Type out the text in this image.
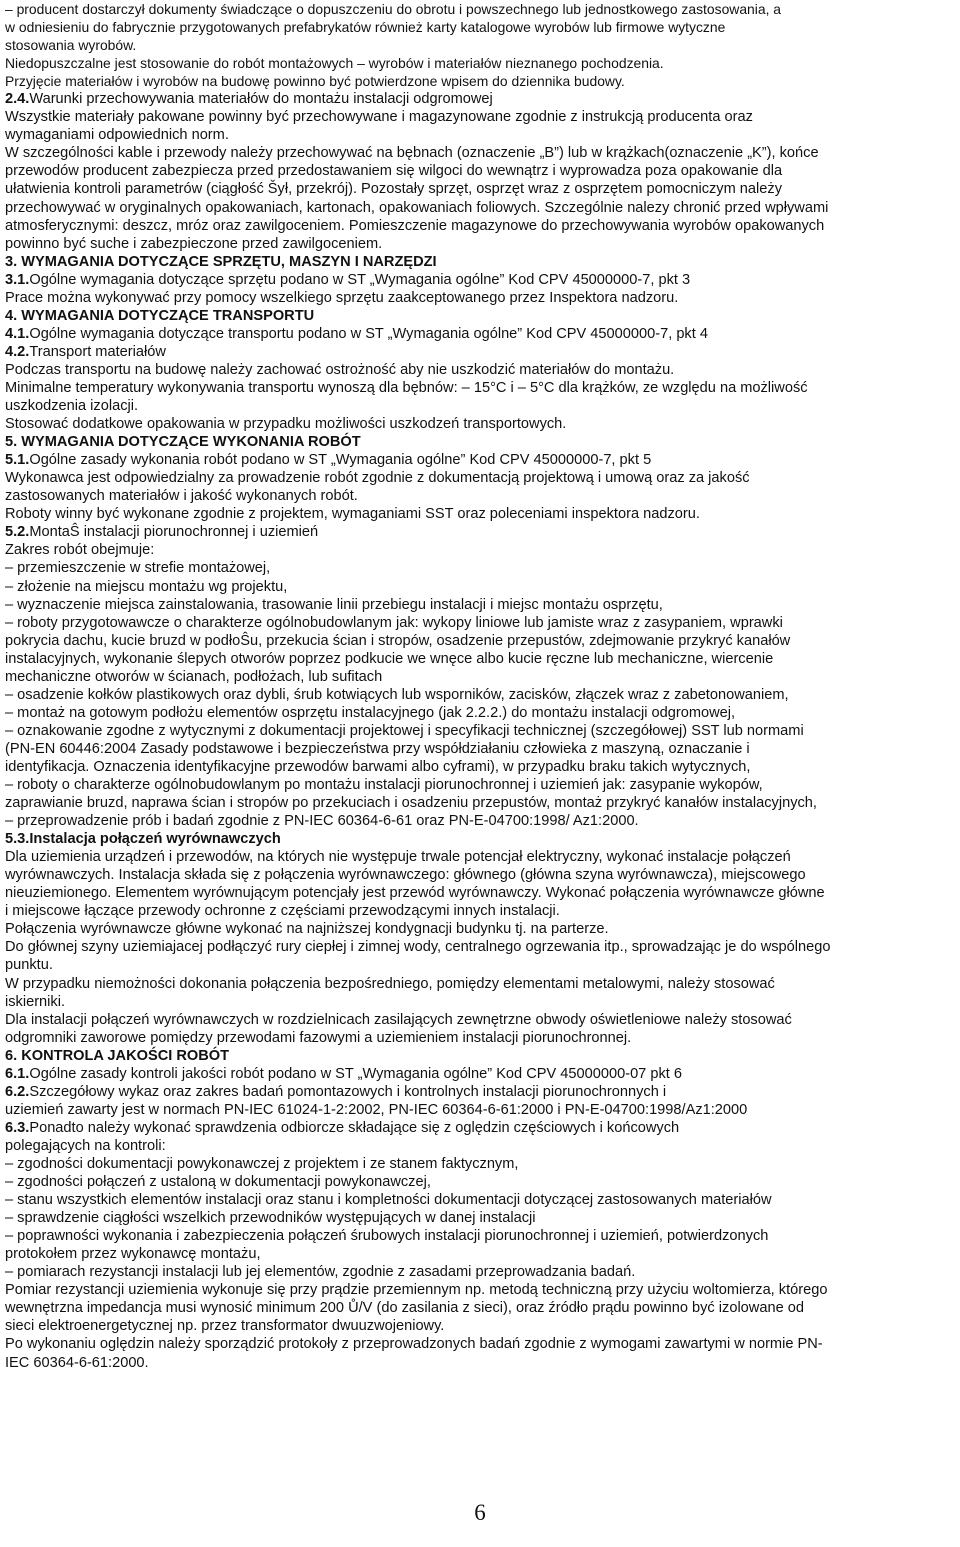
– producent dostarczył dokumenty świadczące o dopuszczeniu do obrotu i powszechnego lub jednostkowego zastosowania, a

w odniesieniu do fabrycznie przygotowanych prefabrykatów również karty katalogowe wyrobów lub firmowe wytyczne

stosowania wyrobów.

Niedopuszczalne jest stosowanie do robót montażowych – wyrobów i materiałów nieznanego pochodzenia.

Przyjęcie materiałów i wyrobów na budowę powinno być potwierdzone wpisem do dziennika budowy.

2.4.Warunki przechowywania materiałów do montażu instalacji odgromowej

Wszystkie materiały pakowane powinny być przechowywane i magazynowane zgodnie z instrukcją producenta oraz

wymaganiami odpowiednich norm.

W szczególności kable i przewody należy przechowywać na bębnach (oznaczenie „B”) lub w krążkach(oznaczenie „K”), końce

przewodów producent zabezpiecza przed przedostawaniem się wilgoci do wewnątrz i wyprowadza poza opakowanie dla

ułatwienia kontroli parametrów (ciągłość Šył, przekrój). Pozostały sprzęt, osprzęt wraz z osprzętem pomocniczym należy

przechowywać w oryginalnych opakowaniach, kartonach, opakowaniach foliowych. Szczególnie nalezy chronić przed wpływami

atmosferycznymi: deszcz, mróz oraz zawilgoceniem. Pomieszczenie magazynowe do przechowywania wyrobów opakowanych

powinno być suche i zabezpieczone przed zawilgoceniem.

3. WYMAGANIA DOTYCZĄCE SPRZĘTU, MASZYN I NARZĘDZI

3.1.Ogólne wymagania dotyczące sprzętu podano w ST „Wymagania ogólne” Kod CPV 45000000-7, pkt 3

Prace można wykonywać przy pomocy wszelkiego sprzętu zaakceptowanego przez Inspektora nadzoru.

4. WYMAGANIA DOTYCZĄCE TRANSPORTU

4.1.Ogólne wymagania dotyczące transportu podano w ST „Wymagania ogólne” Kod CPV 45000000-7, pkt 4

4.2.Transport materiałów

Podczas transportu na budowę należy zachować ostrożność aby nie uszkodzić materiałów do montażu.

Minimalne temperatury wykonywania transportu wynoszą dla bębnów: – 15°C i – 5°C dla krążków, ze względu na możliwość

uszkodzenia izolacji.

Stosować dodatkowe opakowania w przypadku możliwości uszkodzeń transportowych.

5. WYMAGANIA DOTYCZĄCE WYKONANIA ROBÓT

5.1.Ogólne zasady wykonania robót podano w ST „Wymagania ogólne” Kod CPV 45000000-7, pkt 5

Wykonawca jest odpowiedzialny za prowadzenie robót zgodnie z dokumentacją projektową i umową oraz za jakość

zastosowanych materiałów i jakość wykonanych robót.

Roboty winny być wykonane zgodnie z projektem, wymaganiami SST oraz poleceniami inspektora nadzoru.

5.2.MontaŜ instalacji piorunochronnej i uziemień

Zakres robót obejmuje:

– przemieszczenie w strefie montażowej,

– złożenie na miejscu montażu wg projektu,

– wyznaczenie miejsca zainstalowania, trasowanie linii przebiegu instalacji i miejsc montażu osprzętu,

– roboty przygotowawcze o charakterze ogólnobudowlanym jak: wykopy liniowe lub jamiste wraz z zasypaniem, wprawki

pokrycia dachu, kucie bruzd w podłoŜu, przekucia ścian i stropów, osadzenie przepustów, zdejmowanie przykryć kanałów

instalacyjnych, wykonanie ślepych otworów poprzez podkucie we wnęce albo kucie ręczne lub mechaniczne, wiercenie

mechaniczne otworów w ścianach, podłożach, lub sufitach

– osadzenie kołków plastikowych oraz dybli, śrub kotwiących lub wsporników, zacisków, złączek wraz z zabetonowaniem,

– montaż na gotowym podłożu elementów osprzętu instalacyjnego (jak 2.2.2.) do montażu instalacji odgromowej,

– oznakowanie zgodne z wytycznymi z dokumentacji projektowej i specyfikacji technicznej (szczegółowej) SST lub normami

(PN-EN 60446:2004 Zasady podstawowe i bezpieczeństwa przy współdziałaniu człowieka z maszyną, oznaczanie i

identyfikacja. Oznaczenia identyfikacyjne przewodów barwami albo cyframi), w przypadku braku takich wytycznych,

– roboty o charakterze ogólnobudowlanym po montażu instalacji piorunochronnej i uziemień jak: zasypanie wykopów,

zaprawianie bruzd, naprawa ścian i stropów po przekuciach i osadzeniu przepustów, montaż przykryć kanałów instalacyjnych,

– przeprowadzenie prób i badań zgodnie z PN-IEC 60364-6-61 oraz PN-E-04700:1998/ Az1:2000.

5.3.Instalacja połączeń wyrównawczych

Dla uziemienia urządzeń i przewodów, na których nie występuje trwale potencjał elektryczny, wykonać instalacje połączeń

wyrównawczych. Instalacja składa się z połączenia wyrównawczego: głównego (główna szyna wyrównawcza), miejscowego

nieuziemionego. Elementem wyrównującym potencjały jest przewód wyrównawczy. Wykonać połączenia wyrównawcze główne

i miejscowe łączące przewody ochronne z częściami przewodzącymi innych instalacji.

Połączenia wyrównawcze główne wykonać na najniższej kondygnacji budynku tj. na parterze.

Do głównej szyny uziemiajacej podłączyć rury ciepłej i zimnej wody, centralnego ogrzewania itp., sprowadzając je do wspólnego

punktu.

W przypadku niemożności dokonania połączenia bezpośredniego, pomiędzy elementami metalowymi, należy stosować

iskierniki.

Dla instalacji połączeń wyrównawczych w rozdzielnicach zasilających zewnętrzne obwody oświetleniowe należy stosować

odgromniki zaworowe pomiędzy przewodami fazowymi a uziemieniem instalacji piorunochronnej.

6. KONTROLA JAKOŚCI ROBÓT

6.1.Ogólne zasady kontroli jakości robót podano w ST „Wymagania ogólne” Kod CPV 45000000-07 pkt 6

6.2.Szczegółowy wykaz oraz zakres badań pomontazowych i kontrolnych instalacji piorunochronnych i

uziemień zawarty jest w normach PN-IEC 61024-1-2:2002, PN-IEC 60364-6-61:2000 i PN-E-04700:1998/Az1:2000

6.3.Ponadto należy wykonać sprawdzenia odbiorcze składające się z oględzin częściowych i końcowych

polegających na kontroli:

– zgodności dokumentacji powykonawczej z projektem i ze stanem faktycznym,

– zgodności połączeń z ustaloną w dokumentacji powykonawczej,

– stanu wszystkich elementów instalacji oraz stanu i kompletności dokumentacji dotyczącej zastosowanych materiałów

– sprawdzenie ciągłości wszelkich przewodników występujących w danej instalacji

– poprawności wykonania i zabezpieczenia połączeń śrubowych instalacji piorunochronnej i uziemień, potwierdzonych

protokołem przez wykonawcę montażu,

– pomiarach rezystancji instalacji lub jej elementów, zgodnie z zasadami przeprowadzania badań.

Pomiar rezystancji uziemienia wykonuje się przy prądzie przemiennym np. metodą techniczną przy użyciu woltomierza, którego

wewnętrzna impedancja musi wynosić minimum 200 Ů/V (do zasilania z sieci), oraz źródło prądu powinno być izolowane od

sieci elektroenergetycznej np. przez transformator dwuuzwojeniowy.

Po wykonaniu oględzin należy sporządzić protokoły z przeprowadzonych badań zgodnie z wymogami zawartymi w normie PN-

IEC 60364-6-61:2000.

6
